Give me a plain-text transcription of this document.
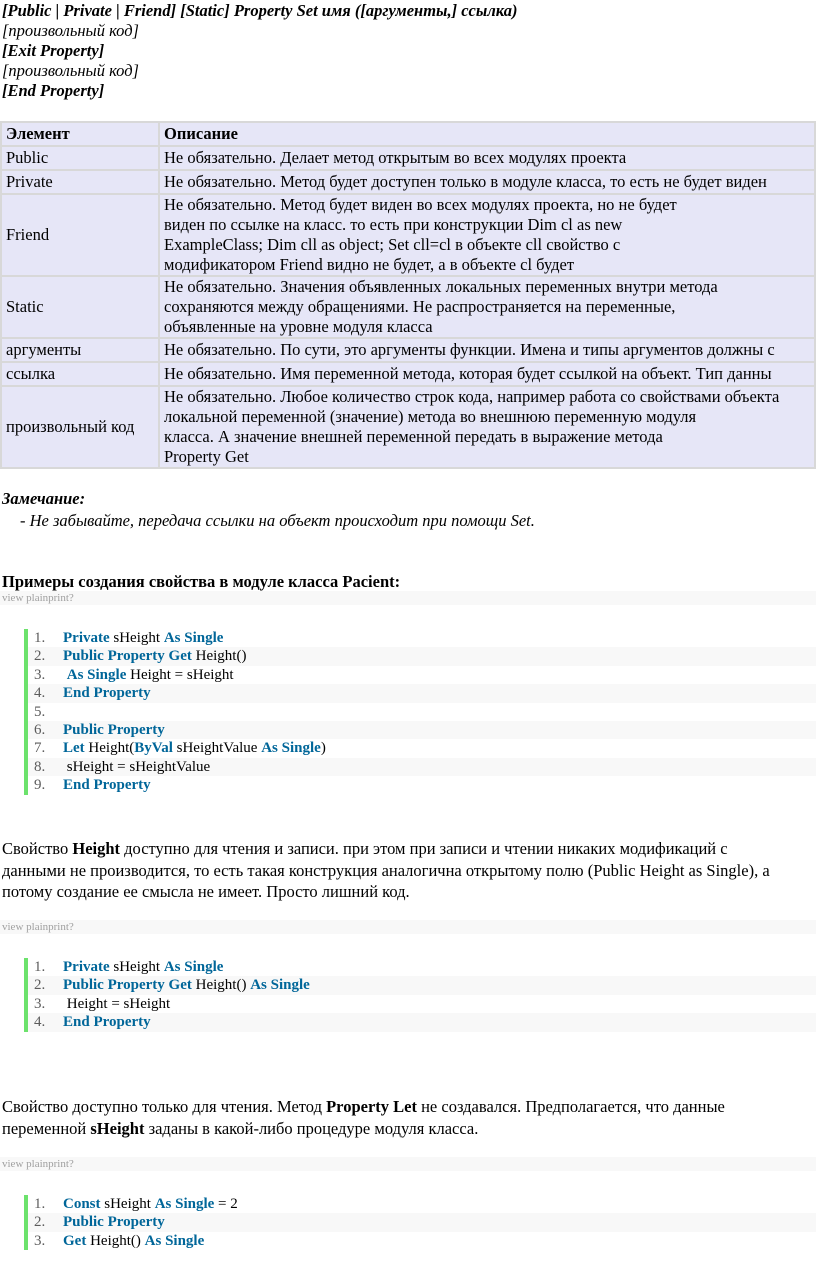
[Public | Private | Friend] [Static] Property Set имя ([аргументы,] ссылка)
[произвольный код]
[Exit Property]
[произвольный код]
[End Property]
Элемент	Описание
Public	Не обязательно. Делает метод открытым во всех модулях проекта

Private	Не обязательно. Метод будет доступен только в модуле класса, то есть не будет виден

Friend	Не обязательно. Метод будет виден во всех модулях проекта, но не будет
виден по ссылке на класс. то есть при конструкции Dim cl as new
ExampleClass; Dim cll as object; Set cll=cl в объекте cll свойство с
модификатором Friend видно не будет, а в объекте cl будет

Static	Не обязательно. Значения объявленных локальных переменных внутри метода
сохраняются между обращениями. Не распространяется на переменные,
объявленные на уровне модуля класса

аргументы	Не обязательно. По сути, это аргументы функции. Имена и типы аргументов должны с

ссылка	Не обязательно. Имя переменной метода, которая будет ссылкой на объект. Тип данны

произвольный код	Не обязательно. Любое количество строк кода, например работа со свойствами объекта
локальной переменной (значение) метода во внешнюю переменную модуля
класса. А значение внешней переменной передать в выражение метода
Property Get
Замечание:
- Не забывайте, передача ссылки на объект происходит при помощи Set.
Примеры создания свойства в модуле класса Pacient:
view plainprint?
1. Private sHeight As Single
2. Public Property Get Height()
3. As Single Height = sHeight
4. End Property
5.
6. Public Property
7. Let Height(ByVal sHeightValue As Single)
8. sHeight = sHeightValue
9. End Property
Свойство Height доступно для чтения и записи. при этом при записи и чтении никаких модификаций с
данными не производится, то есть такая конструкция аналогична открытому полю (Public Height as Single), а
потому создание ее смысла не имеет. Просто лишний код.
view plainprint?
1. Private sHeight As Single
2. Public Property Get Height() As Single
3. Height = sHeight
4. End Property
Свойство доступно только для чтения. Метод Property Let не создавался. Предполагается, что данные
переменной sHeight заданы в какой-либо процедуре модуля класса.
view plainprint?
1. Const sHeight As Single = 2
2. Public Property
3. Get Height() As Single
